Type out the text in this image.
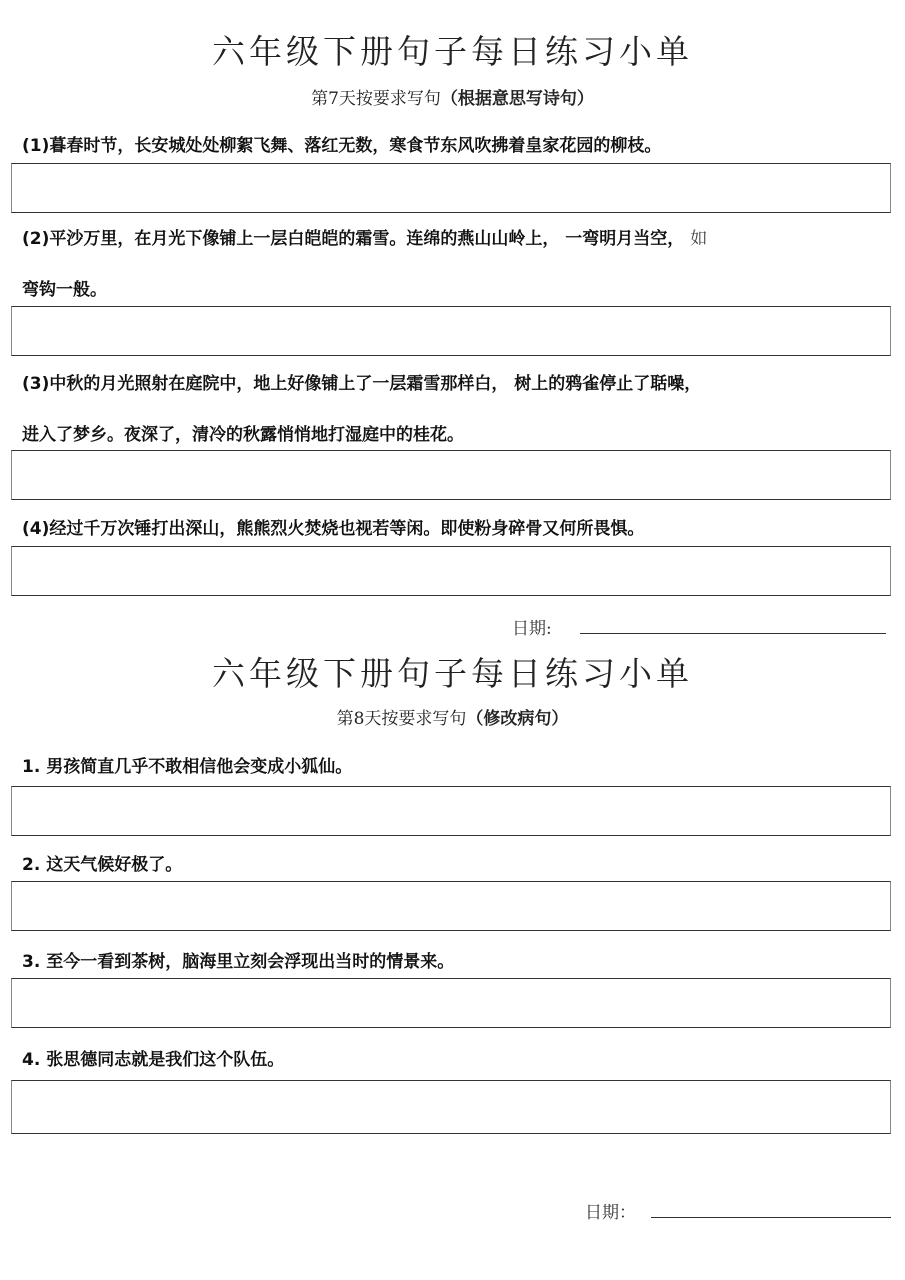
六年级下册句子每日练习小单
第7天按要求写句（根据意思写诗句）
(1)暮春时节，长安城处处柳絮飞舞、落红无数，寒食节东风吹拂着皇家花园的柳枝。
(2)平沙万里，在月光下像铺上一层白皑皑的霜雪。连绵的燕山山岭上， 一弯明月当空， 如
弯钩一般。
(3)中秋的月光照射在庭院中，地上好像铺上了一层霜雪那样白， 树上的鸦雀停止了聒噪，
进入了梦乡。夜深了，清冷的秋露悄悄地打湿庭中的桂花。
(4)经过千万次锤打出深山，熊熊烈火焚烧也视若等闲。即使粉身碎骨又何所畏惧。
日期:
六年级下册句子每日练习小单
第8天按要求写句（修改病句）
1. 男孩简直几乎不敢相信他会变成小狐仙。
2. 这天气候好极了。
3. 至今一看到茶树，脑海里立刻会浮现出当时的情景来。
4. 张思德同志就是我们这个队伍。
日期：
